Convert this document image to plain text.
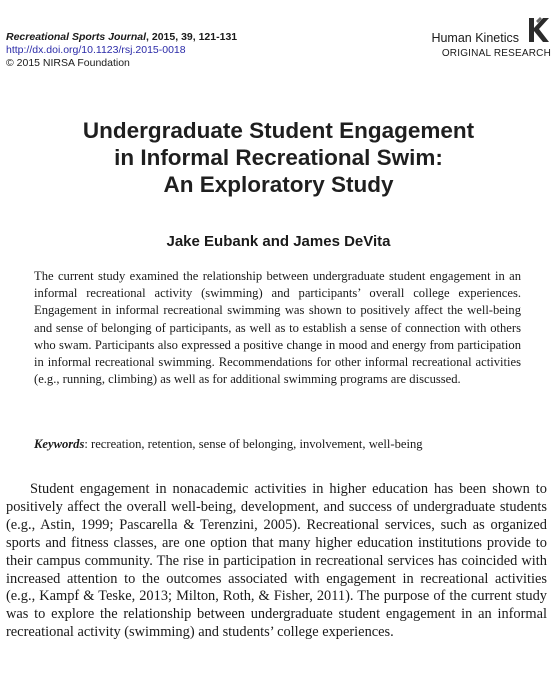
Recreational Sports Journal, 2015, 39, 121-131
http://dx.doi.org/10.1123/rsj.2015-0018
© 2015 NIRSA Foundation
Human Kinetics
ORIGINAL RESEARCH
Undergraduate Student Engagement
in Informal Recreational Swim:
An Exploratory Study
Jake Eubank and James DeVita

The current study examined the relationship between undergraduate student engagement in an informal recreational activity (swimming) and participants’ overall college experiences. Engagement in informal recreational swimming was shown to positively affect the well-being and sense of belonging of participants, as well as to establish a sense of connection with others who swam. Participants also expressed a positive change in mood and energy from participation in informal recreational swimming. Recommendations for other informal recreational activities (e.g., running, climbing) as well as for additional swimming programs are discussed.

Keywords: recreation, retention, sense of belonging, involvement, well-being

Student engagement in nonacademic activities in higher education has been shown to positively affect the overall well-being, development, and success of undergraduate students (e.g., Astin, 1999; Pascarella & Terenzini, 2005). Recreational services, such as organized sports and fitness classes, are one option that many higher education institutions provide to their campus community. The rise in participation in recreational services has coincided with increased attention to the outcomes associated with engagement in recreational activities (e.g., Kampf & Teske, 2013; Milton, Roth, & Fisher, 2011). The purpose of the current study was to explore the relationship between undergraduate student engagement in an informal recreational activity (swimming) and students’ college experiences.
